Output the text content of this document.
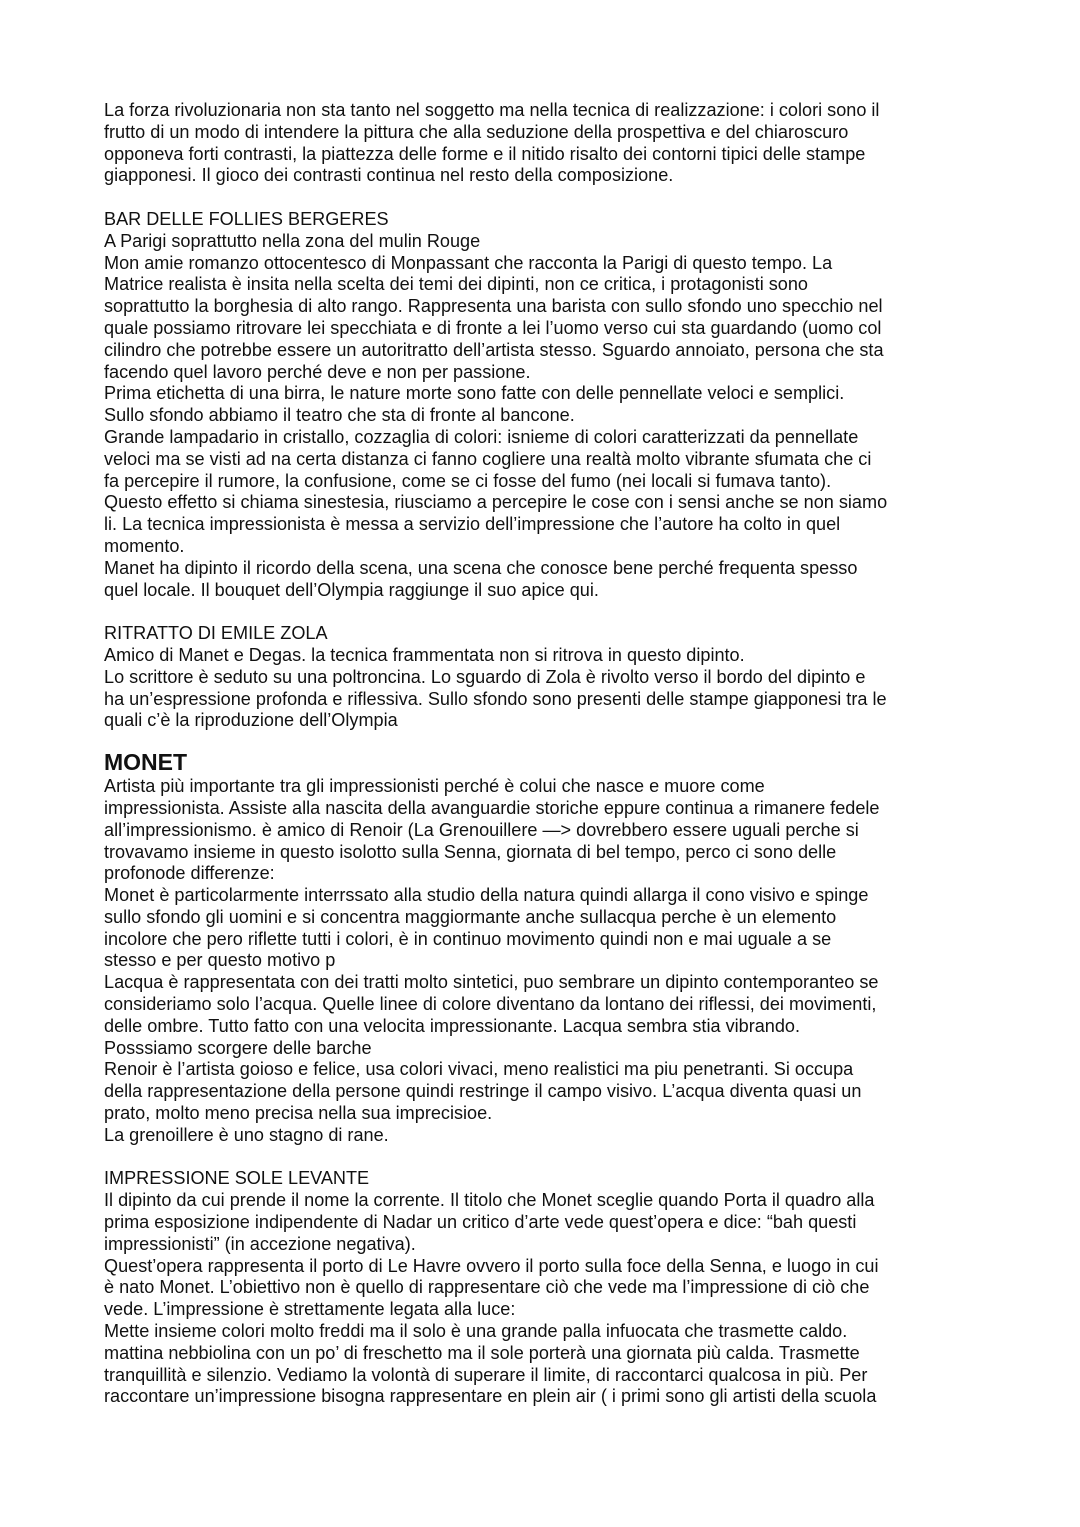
La forza rivoluzionaria non sta tanto nel soggetto ma nella tecnica di realizzazione: i colori sono il
frutto di un modo di intendere la pittura che alla seduzione della prospettiva e del chiaroscuro
opponeva forti contrasti, la piattezza delle forme e il nitido risalto dei contorni tipici delle stampe
giapponesi. Il gioco dei contrasti continua nel resto della composizione.
BAR DELLE FOLLIES BERGERES
A Parigi soprattutto nella zona del mulin Rouge
Mon amie romanzo ottocentesco di Monpassant che racconta la Parigi di questo tempo. La
Matrice realista è insita nella scelta dei temi dei dipinti, non ce critica, i protagonisti sono
soprattutto la borghesia di alto rango. Rappresenta una barista con sullo sfondo uno specchio nel
quale possiamo ritrovare lei specchiata e di fronte a lei l’uomo verso cui sta guardando (uomo col
cilindro che potrebbe essere un autoritratto dell’artista stesso. Sguardo annoiato, persona che sta
facendo quel lavoro perché deve e non per passione.
Prima etichetta di una birra, le nature morte sono fatte con delle pennellate veloci e semplici.
Sullo sfondo abbiamo il teatro che sta di fronte al bancone.
Grande lampadario in cristallo, cozzaglia di colori: isnieme di colori caratterizzati da pennellate
veloci ma se visti ad na certa distanza ci fanno cogliere una realtà molto vibrante sfumata che ci
fa percepire il rumore, la confusione, come se ci fosse del fumo (nei locali si fumava tanto).
Questo effetto si chiama sinestesia, riusciamo a percepire le cose con i sensi anche se non siamo
li. La tecnica impressionista è messa a servizio dell’impressione che l’autore ha colto in quel
momento.
Manet ha dipinto il ricordo della scena, una scena che conosce bene perché frequenta spesso
quel locale. Il bouquet dell’Olympia raggiunge il suo apice qui.
RITRATTO DI EMILE ZOLA
Amico di Manet e Degas. la tecnica frammentata non si ritrova in questo dipinto.
Lo scrittore è seduto su una poltroncina. Lo sguardo di Zola è rivolto verso il bordo del dipinto e
ha un’espressione profonda e riflessiva. Sullo sfondo sono presenti delle stampe giapponesi tra le
quali c’è la riproduzione dell’Olympia
MONET
Artista più importante tra gli impressionisti perché è colui che nasce e muore come
impressionista. Assiste alla nascita della avanguardie storiche eppure continua a rimanere fedele
all’impressionismo. è amico di Renoir (La Grenouillere —> dovrebbero essere uguali perche si
trovavamo insieme in questo isolotto sulla Senna, giornata di bel tempo, perco ci sono delle
profonode differenze:
Monet è particolarmente interrssato alla studio della natura quindi allarga il cono visivo e spinge
sullo sfondo gli uomini e si concentra maggiormante anche sullacqua perche è un elemento
incolore che pero riflette tutti i colori, è in continuo movimento quindi non e mai uguale a se
stesso e per questo motivo p
Lacqua è rappresentata con dei tratti molto sintetici, puo sembrare un dipinto contemporanteo se
consideriamo solo l’acqua. Quelle linee di colore diventano da lontano dei riflessi, dei movimenti,
delle ombre. Tutto fatto con una velocita impressionante. Lacqua sembra stia vibrando.
Posssiamo scorgere delle barche
Renoir è l’artista goioso e felice, usa colori vivaci, meno realistici ma piu penetranti. Si occupa
della rappresentazione della persone quindi restringe il campo visivo. L’acqua diventa quasi un
prato, molto meno precisa nella sua imprecisioe.
La grenoillere è uno stagno di rane.
IMPRESSIONE SOLE LEVANTE
Il dipinto da cui prende il nome la corrente. Il titolo che Monet sceglie quando Porta il quadro alla
prima esposizione indipendente di Nadar un critico d’arte vede quest’opera e dice: “bah questi
impressionisti” (in accezione negativa).
Quest’opera rappresenta il porto di Le Havre ovvero il porto sulla foce della Senna, e luogo in cui
è nato Monet. L’obiettivo non è quello di rappresentare ciò che vede ma l’impressione di ciò che
vede. L’impressione è strettamente legata alla luce:
Mette insieme colori molto freddi ma il solo è una grande palla infuocata che trasmette caldo.
mattina nebbiolina con un po’ di freschetto ma il sole porterà una giornata più calda. Trasmette
tranquillità e silenzio. Vediamo la volontà di superare il limite, di raccontarci qualcosa in più. Per
raccontare un’impressione bisogna rappresentare en plein air ( i primi sono gli artisti della scuola
